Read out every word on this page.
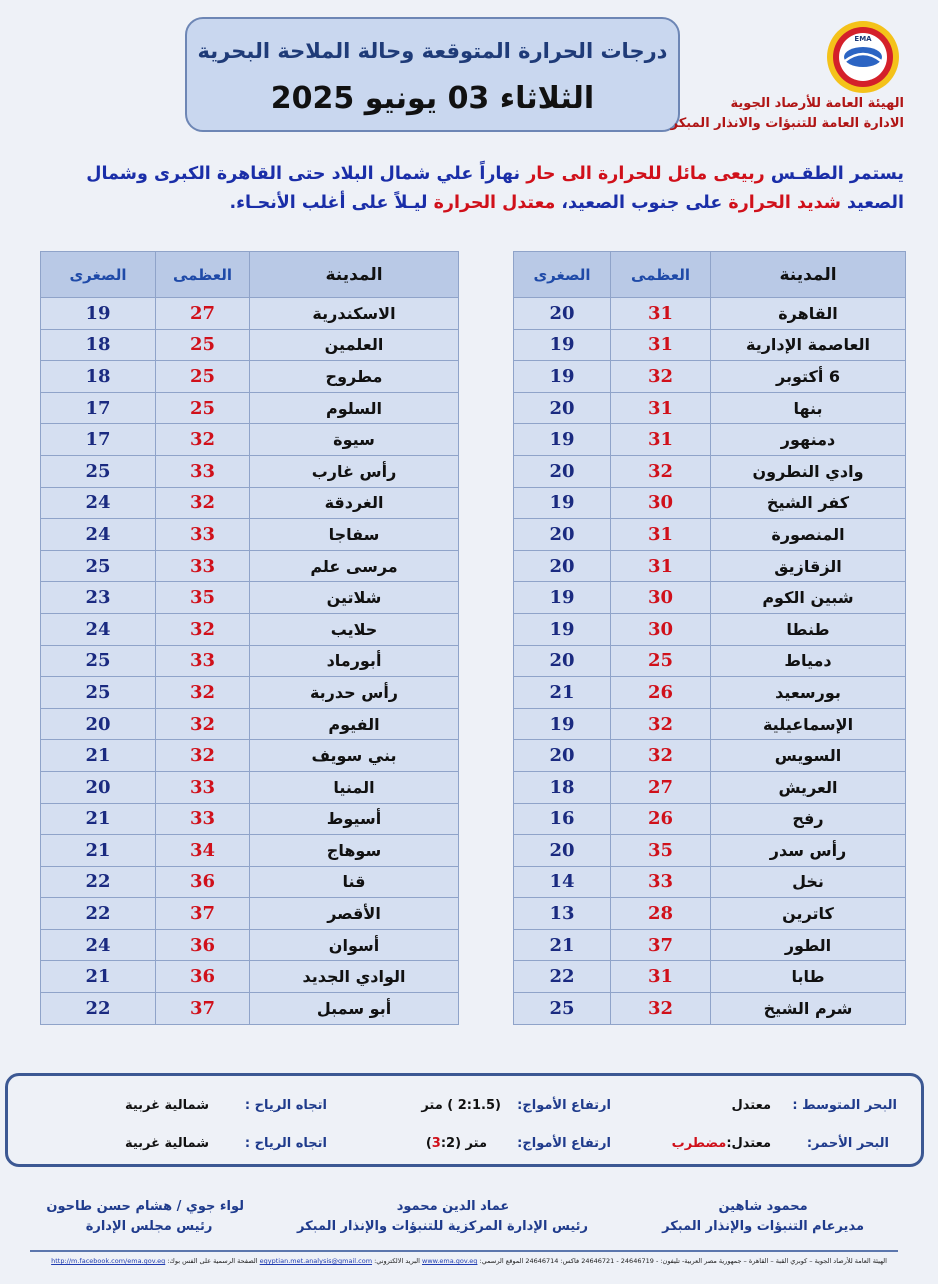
درجات الحرارة المتوقعة وحالة الملاحة البحرية
الثلاثاء 03 يونيو 2025
EMA
الهيئة العامة للأرصاد الجوية
الادارة العامة للتنبؤات والانذار المبكر
يستمر الطقـس ربيعى مائل للحرارة الى حار نهاراً علي شمال البلاد حتى القاهرة الكبرى وشمال الصعيد شديد الحرارة على جنوب الصعيد، معتدل الحرارة ليـلاً على أغلب الأنحـاء.
المدينة	العظمى	الصغرى
القاهرة	31	20
العاصمة الإدارية	31	19
6 أكتوبر	32	19
بنها	31	20
دمنهور	31	19
وادي النطرون	32	20
كفر الشيخ	30	19
المنصورة	31	20
الزقازيق	31	20
شبين الكوم	30	19
طنطا	30	19
دمياط	25	20
بورسعيد	26	21
الإسماعيلية	32	19
السويس	32	20
العريش	27	18
رفح	26	16
رأس سدر	35	20
نخل	33	14
كاترين	28	13
الطور	37	21
طابا	31	22
شرم الشيخ	32	25
المدينة	العظمى	الصغرى
الاسكندرية	27	19
العلمين	25	18
مطروح	25	18
السلوم	25	17
سيوة	32	17
رأس غارب	33	25
الغردقة	32	24
سفاجا	33	24
مرسى علم	33	25
شلاتين	35	23
حلايب	32	24
أبورماد	33	25
رأس حدربة	32	25
الفيوم	32	20
بني سويف	32	21
المنيا	33	20
أسيوط	33	21
سوهاج	34	21
قنا	36	22
الأقصر	37	22
أسوان	36	24
الوادي الجديد	36	21
أبو سمبل	37	22
البحر المتوسط :
معتدل
ارتفاع الأمواج:
(2:1.5 ) متر
اتجاه الرياح :
شمالية غربية
البحر الأحمر:
معتدل:مضطرب
ارتفاع الأمواج:
(3:2) متر
اتجاه الرياح :
شمالية غربية
محمود شاهين
مديرعام التنبؤات والإنذار المبكر
عماد الدين محمود
رئيس الإدارة المركزية للتنبؤات والإنذار المبكر
لواء جوي / هشام حسن طاحون
رئيس مجلس الإدارة
الهيئة العامة للأرصاد الجوية – كوبري القبة – القاهرة – جمهورية مصر العربية- تليفون: - 24646719 - 24646721 فاكس: 24646714 الموقع الرسمي: www.ema.gov.eg البريد الالكتروني: egyptian.met.analysis@gmail.com الصفحة الرسمية على الفس بوك: http://m.facebook.com/ema.gov.eg
